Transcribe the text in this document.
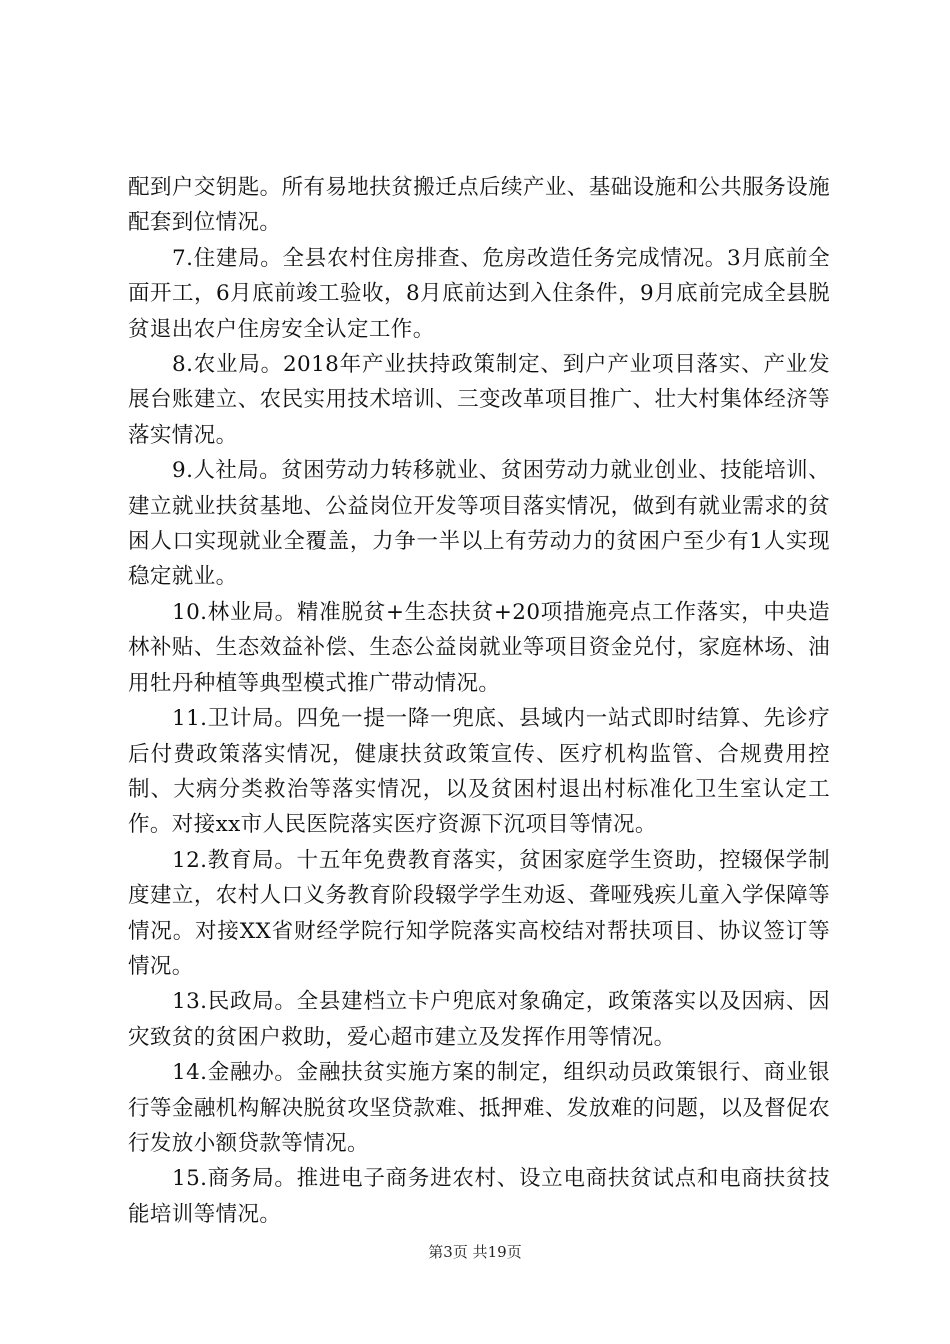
配到户交钥匙。所有易地扶贫搬迁点后续产业、基础设施和公共服务设施配套到位情况。

7.住建局。全县农村住房排查、危房改造任务完成情况。3月底前全面开工，6月底前竣工验收，8月底前达到入住条件，9月底前完成全县脱贫退出农户住房安全认定工作。

8.农业局。2018年产业扶持政策制定、到户产业项目落实、产业发展台账建立、农民实用技术培训、三变改革项目推广、壮大村集体经济等落实情况。

9.人社局。贫困劳动力转移就业、贫困劳动力就业创业、技能培训、建立就业扶贫基地、公益岗位开发等项目落实情况，做到有就业需求的贫困人口实现就业全覆盖，力争一半以上有劳动力的贫困户至少有1人实现稳定就业。

10.林业局。精准脱贫+生态扶贫+20项措施亮点工作落实，中央造林补贴、生态效益补偿、生态公益岗就业等项目资金兑付，家庭林场、油用牡丹种植等典型模式推广带动情况。

11.卫计局。四免一提一降一兜底、县域内一站式即时结算、先诊疗后付费政策落实情况，健康扶贫政策宣传、医疗机构监管、合规费用控制、大病分类救治等落实情况，以及贫困村退出村标准化卫生室认定工作。对接xx市人民医院落实医疗资源下沉项目等情况。

12.教育局。十五年免费教育落实，贫困家庭学生资助，控辍保学制度建立，农村人口义务教育阶段辍学学生劝返、聋哑残疾儿童入学保障等情况。对接XX省财经学院行知学院落实高校结对帮扶项目、协议签订等情况。

13.民政局。全县建档立卡户兜底对象确定，政策落实以及因病、因灾致贫的贫困户救助，爱心超市建立及发挥作用等情况。

14.金融办。金融扶贫实施方案的制定，组织动员政策银行、商业银行等金融机构解决脱贫攻坚贷款难、抵押难、发放难的问题，以及督促农行发放小额贷款等情况。

15.商务局。推进电子商务进农村、设立电商扶贫试点和电商扶贫技能培训等情况。

第3页 共19页
